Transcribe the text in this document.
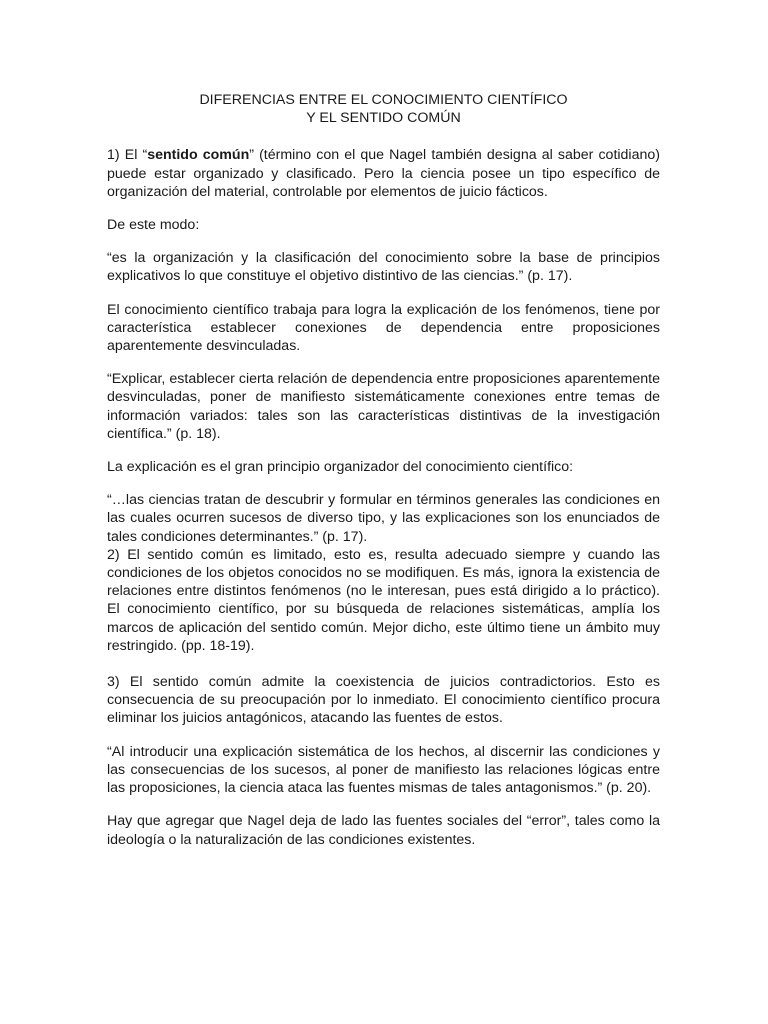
DIFERENCIAS ENTRE EL CONOCIMIENTO CIENTÍFICO
Y EL SENTIDO COMÚN

1) El “sentido común” (término con el que Nagel también designa al saber cotidiano) puede estar organizado y clasificado. Pero la ciencia posee un tipo específico de organización del material, controlable por elementos de juicio fácticos.

De este modo:

“es la organización y la clasificación del conocimiento sobre la base de principios explicativos lo que constituye el objetivo distintivo de las ciencias.” (p. 17).

El conocimiento científico trabaja para logra la explicación de los fenómenos, tiene por característica establecer conexiones de dependencia entre proposiciones aparentemente desvinculadas.

“Explicar, establecer cierta relación de dependencia entre proposiciones aparentemente desvinculadas, poner de manifiesto sistemáticamente conexiones entre temas de información variados: tales son las características distintivas de la investigación científica.” (p. 18).

La explicación es el gran principio organizador del conocimiento científico:

“…las ciencias tratan de descubrir y formular en términos generales las condiciones en las cuales ocurren sucesos de diverso tipo, y las explicaciones son los enunciados de tales condiciones determinantes.” (p. 17).

2) El sentido común es limitado, esto es, resulta adecuado siempre y cuando las condiciones de los objetos conocidos no se modifiquen. Es más, ignora la existencia de relaciones entre distintos fenómenos (no le interesan, pues está dirigido a lo práctico). El conocimiento científico, por su búsqueda de relaciones sistemáticas, amplía los marcos de aplicación del sentido común. Mejor dicho, este último tiene un ámbito muy restringido. (pp. 18-19).

3) El sentido común admite la coexistencia de juicios contradictorios. Esto es consecuencia de su preocupación por lo inmediato. El conocimiento científico procura eliminar los juicios antagónicos, atacando las fuentes de estos.

“Al introducir una explicación sistemática de los hechos, al discernir las condiciones y las consecuencias de los sucesos, al poner de manifiesto las relaciones lógicas entre las proposiciones, la ciencia ataca las fuentes mismas de tales antagonismos.” (p. 20).

Hay que agregar que Nagel deja de lado las fuentes sociales del “error”, tales como la ideología o la naturalización de las condiciones existentes.
